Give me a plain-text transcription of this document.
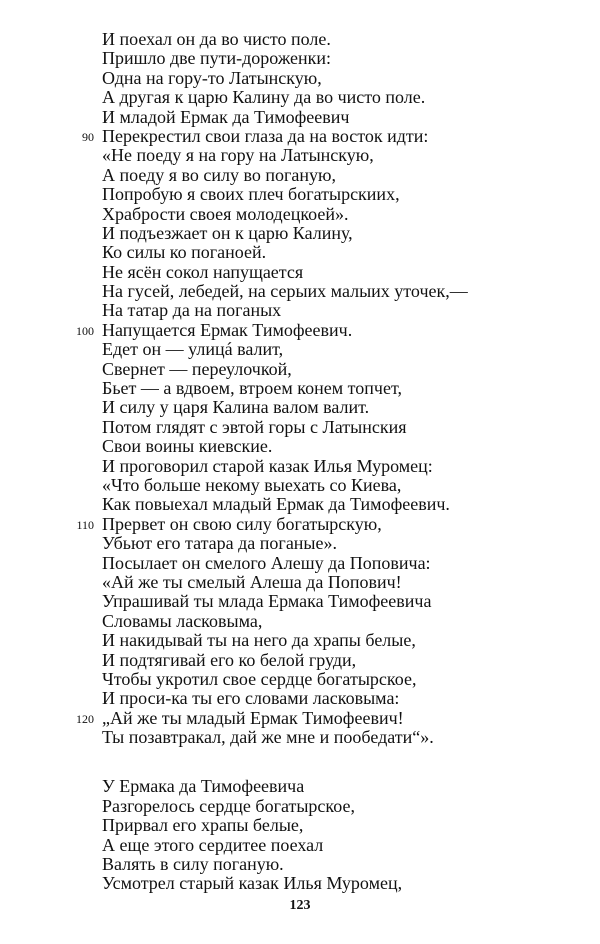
И поехал он да во чисто поле.
Пришло две пути-дороженки:
Одна на гору-то Латынскую,
А другая к царю Калину да во чисто поле.
И младой Ермак да Тимофеевич
90 Перекрестил свои глаза да на восток идти:
«Не поеду я на гору на Латынскую,
А поеду я во силу во поганую,
Попробую я своих плеч богатырскиих,
Храбрости своея молодецкоей».
И подъезжает он к царю Калину,
Ко силы ко поганоей.
Не ясён сокол напущается
На гусей, лебедей, на серыих малыих уточек,—
На татар да на поганых
100 Напущается Ермак Тимофеевич.
Едет он — улицá валит,
Свернет — переулочкой,
Бьет — а вдвоем, втроем конем топчет,
И силу у царя Калина валом валит.
Потом глядят с эвтой горы с Латынския
Свои воины киевские.
И проговорил старой казак Илья Муромец:
«Что больше некому выехать со Киева,
Как повыехал младый Ермак да Тимофеевич.
110 Прервет он свою силу богатырскую,
Убьют его татара да поганые».
Посылает он смелого Алешу да Поповича:
«Ай же ты смелый Алеша да Попович!
Упрашивай ты млада Ермака Тимофеевича
Словамы ласковыма,
И накидывай ты на него да храпы белые,
И подтягивай его ко белой груди,
Чтобы укротил свое сердце богатырское,
И проси-ка ты его словами ласковыма:
120 „Ай же ты младый Ермак Тимофеевич!
Ты позавтракал, дай же мне и пообедати“».
У Ермака да Тимофеевича
Разгорелось сердце богатырское,
Прирвал его храпы белые,
А еще этого сердитее поехал
Валять в силу поганую.
Усмотрел старый казак Илья Муромец,
123
